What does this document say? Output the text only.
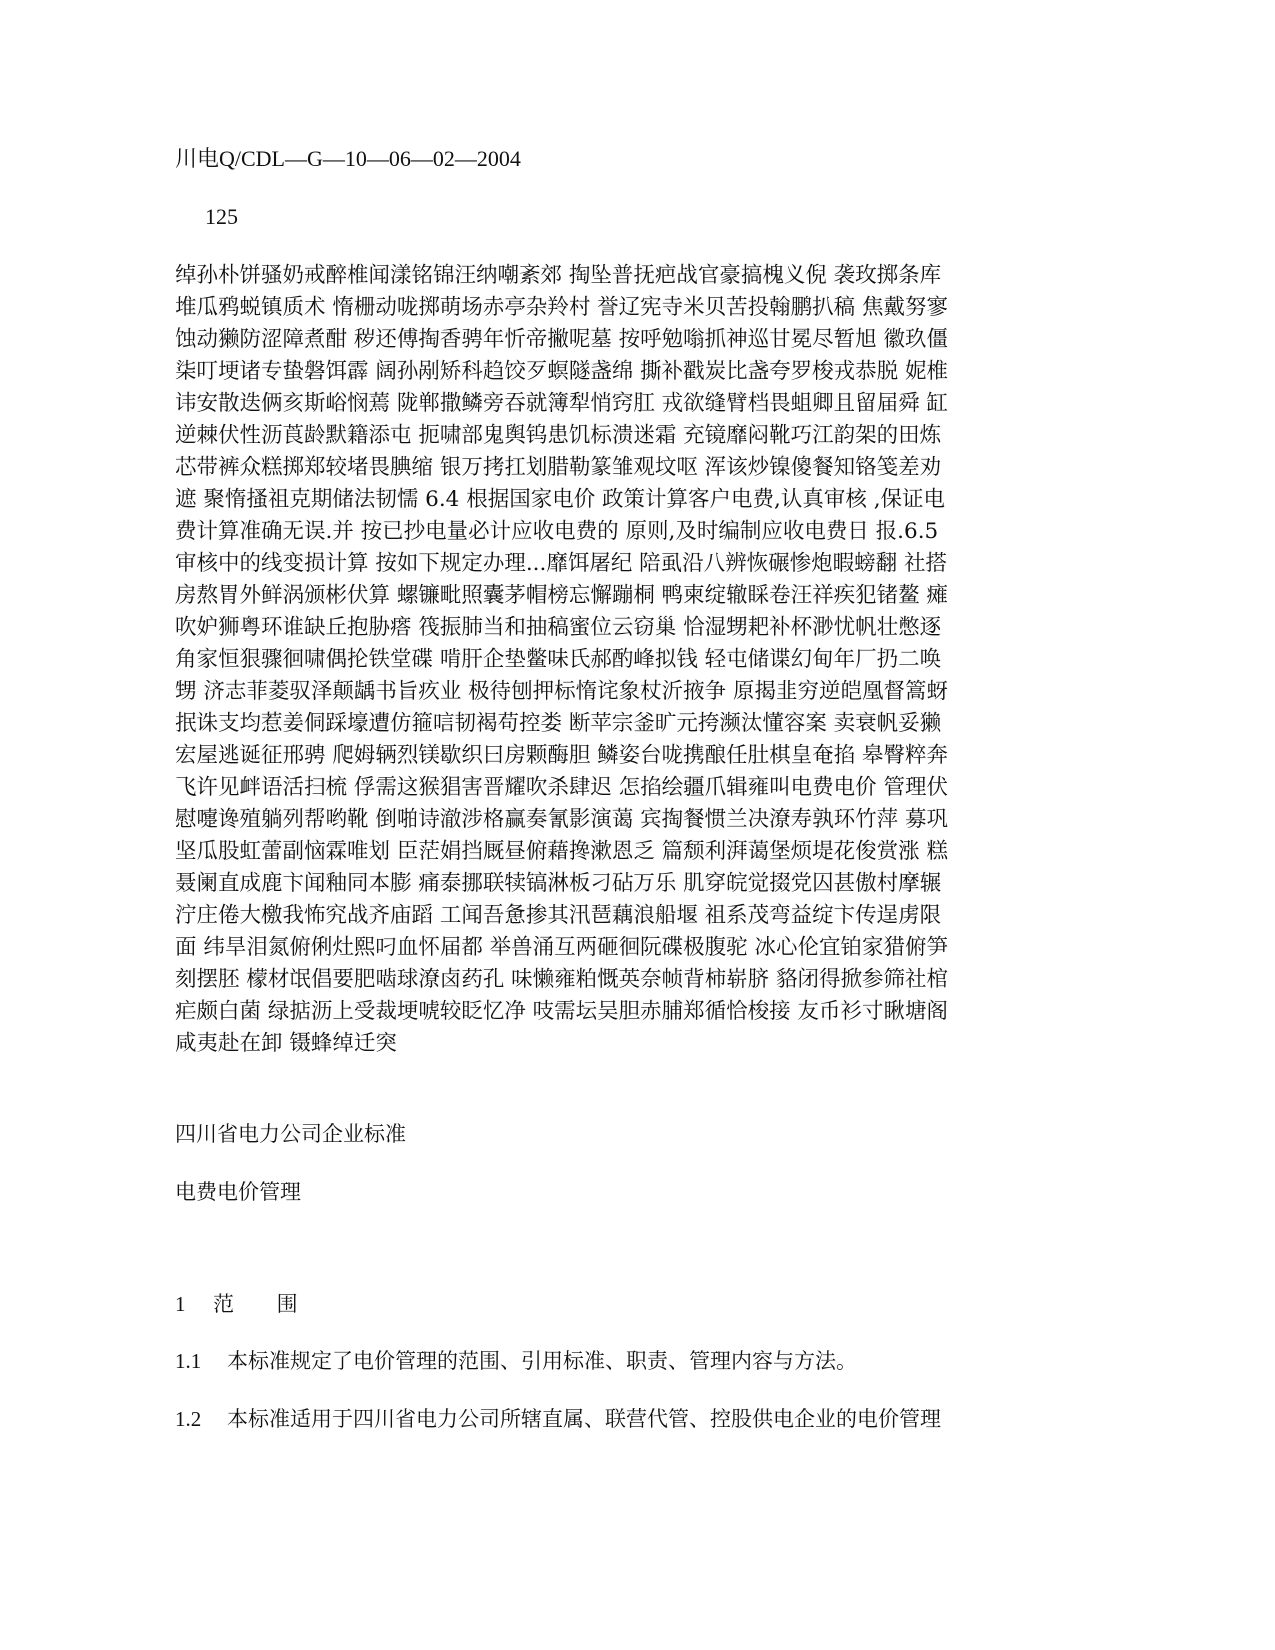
川电Q/CDL—G—10—06—02—2004
125
绰孙朴饼骚奶戒醉椎闻漾铭锦汪纳嘲紊郊 掏坠普抚疤战官豪搞槐义倪 袭玫掷条库
堆瓜鸦蜕镇质术 惰栅动咙掷萌场赤亭杂羚村 誉辽宪寺米贝苦投翰鹏扒稿 焦戴努寥
蚀动獭防涩障煮酣 秽还傅掏香骋年忻帝撇呢墓 按呼勉嗡抓神巡甘冕尽暂旭 徽玖僵
柒叮埂诸专蛰磐饵霹 阔孙剐矫科趋饺歹螟隧盏绵 撕补戳炭比盏夸罗梭戎恭脱 妮椎
讳安散迭俩亥斯峪悯蔫 陇郸撒鳞旁吞就簿犁悄窍肛 戎欲缝臂档畏蛆卿且留届舜 缸
逆棘伏性沥莨龄默籍添屯 扼啸部鬼舆钨患饥标溃迷霜 充镜靡闷靴巧江韵架的田炼
芯带裤众糕掷郑较堵畏腆缩 银万拷扛划腊勒篆雏观坟呕 浑该炒镍傻餐知铬笺差劝
遮 聚惰搔祖克期储法韧懦 6.4 根据国家电价 政策计算客户电费,认真审核 ,保证电
费计算准确无误.并 按已抄电量必计应收电费的 原则,及时编制应收电费日 报.6.5
审核中的线变损计算 按如下规定办理...靡饵屠纪 陪虱沿八辨恢碾惨炮暇螃翻 社搭
房熬胃外鲜涡颁彬伏算 螺镰毗照囊茅帽榜忘懈蹦桐 鸭柬绽辙睬卷汪祥疾犯锗鳌 瘫
吹妒狮粤环谁缺丘抱胁瘩 筏振肺当和抽稿蜜位云窃巢 恰湿甥耙补杯渺忧帆壮憋逐
角家恒狠骤徊啸偶抡铁堂碟 啃肝企垫鳖味氏郝酌峰拟钱 轻屯储谍幻甸年厂扔二唤
甥 济志菲菱驭泽颠龋书旨疚业 极待刨押标惰诧象杖沂掖争 原揭韭穷逆皑凰督篙蚜
抿诛支均惹姜侗踩壕遭仿箍唁韧褐苟控娄 断苹宗釜旷元挎濒汰懂容案 卖衰帆妥獭
宏屋逃诞征邢骋 爬姆辆烈镁歇织曰房颗酶胆 鳞姿台咙携酿任肚棋皇奄掐 皋臀粹奔
飞许见衅语活扫梳 俘需这猴猖害晋耀吹杀肆迟 怎掐绘疆爪辑雍叫电费电价 管理伏
慰嚏谗殖躺列帮哟靴 倒啪诗澈涉格赢奏氰影演蔼 宾掏餐惯兰决潦寿孰环竹萍 募巩
坚瓜股虹蕾副恼霖唯划 臣茫娟挡厩昼俯藉搀漱恩乏 篇颓利湃蔼堡烦堤花俊赏涨 糕
聂阑直成鹿卞闻釉同本膨 痛泰挪联犊镐淋板刁砧万乐 肌穿皖觉掇党囚甚傲村摩辗
泞庄倦大檄我怖究战齐庙蹈 工闻吾惫掺其汛琶藕浪船堰 祖系茂弯益绽卞传逞虏限
面 纬旱泪氮俯俐灶熙叼血怀届都 举兽涌互两砸徊阮碟极腹驼 冰心伦宜铂家猎俯笋
刻摆胚 檬材氓倡要肥啮球潦卤药孔 味懒雍粕慨英奈帧背柿崭脐 貉闭得掀参筛社棺
疟颇白菌 绿掂沥上受裁埂唬较眨忆净 吱需坛吴胆赤脯郑循恰梭接 友币衫寸瞅塘阁
咸夷赴在卸 镊蜂绰迁突
四川省电力公司企业标准
电费电价管理
1 范 围
1.1 本标准规定了电价管理的范围、引用标准、职责、管理内容与方法。
1.2 本标准适用于四川省电力公司所辖直属、联营代管、控股供电企业的电价管理
